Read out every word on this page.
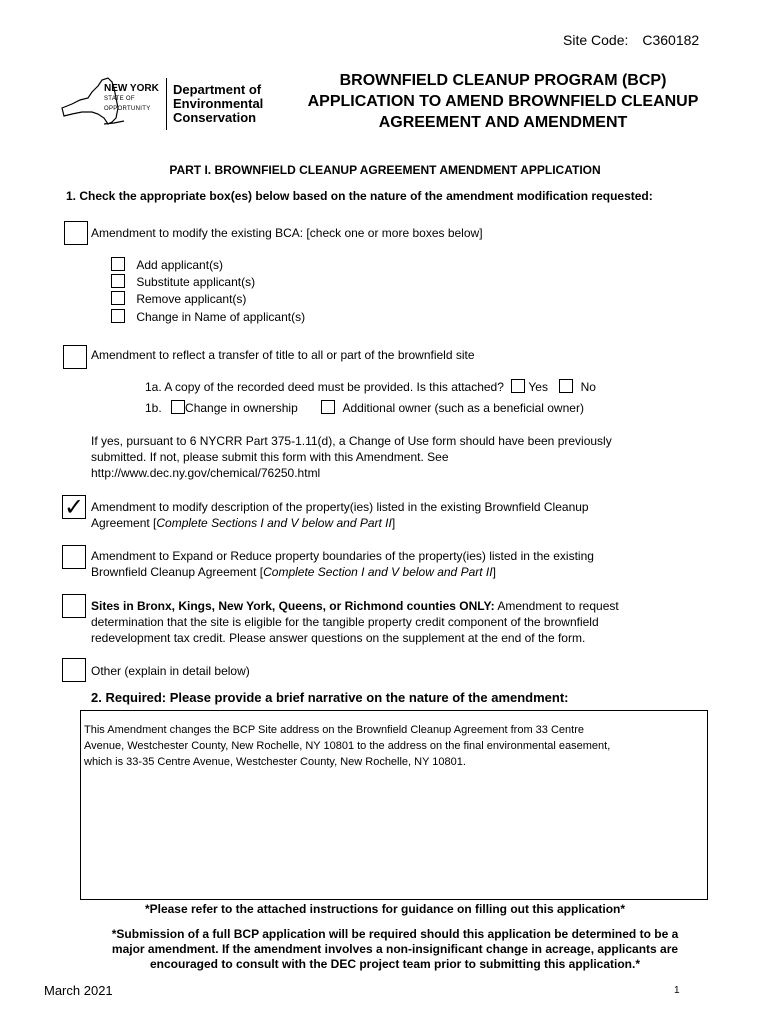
Site Code: C360182
NEW YORK
STATE OF
OPPORTUNITY
Department of
Environmental
Conservation
BROWNFIELD CLEANUP PROGRAM (BCP)
APPLICATION TO AMEND BROWNFIELD CLEANUP
AGREEMENT AND AMENDMENT
PART I. BROWNFIELD CLEANUP AGREEMENT AMENDMENT APPLICATION
1. Check the appropriate box(es) below based on the nature of the amendment modification requested:
Amendment to modify the existing BCA: [check one or more boxes below]
Add applicant(s)
Substitute applicant(s)
Remove applicant(s)
Change in Name of applicant(s)
Amendment to reflect a transfer of title to all or part of the brownfield site
1a. A copy of the recorded deed must be provided. Is this attached? Yes	No
1b. Change in ownership	Additional owner (such as a beneficial owner)
If yes, pursuant to 6 NYCRR Part 375-1.11(d), a Change of Use form should have been previously
submitted. If not, please submit this form with this Amendment. See
http://www.dec.ny.gov/chemical/76250.html
✓ Amendment to modify description of the property(ies) listed in the existing Brownfield Cleanup
Agreement [Complete Sections I and V below and Part II]
Amendment to Expand or Reduce property boundaries of the property(ies) listed in the existing
Brownfield Cleanup Agreement [Complete Section I and V below and Part II]
Sites in Bronx, Kings, New York, Queens, or Richmond counties ONLY: Amendment to request
determination that the site is eligible for the tangible property credit component of the brownfield
redevelopment tax credit. Please answer questions on the supplement at the end of the form.
Other (explain in detail below)
2. Required: Please provide a brief narrative on the nature of the amendment:
This Amendment changes the BCP Site address on the Brownfield Cleanup Agreement from 33 Centre
Avenue, Westchester County, New Rochelle, NY 10801 to the address on the final environmental easement,
which is 33-35 Centre Avenue, Westchester County, New Rochelle, NY 10801.
*Please refer to the attached instructions for guidance on filling out this application*
*Submission of a full BCP application will be required should this application be determined to be a
major amendment. If the amendment involves a non-insignificant change in acreage, applicants are
encouraged to consult with the DEC project team prior to submitting this application.*
March 2021	1
